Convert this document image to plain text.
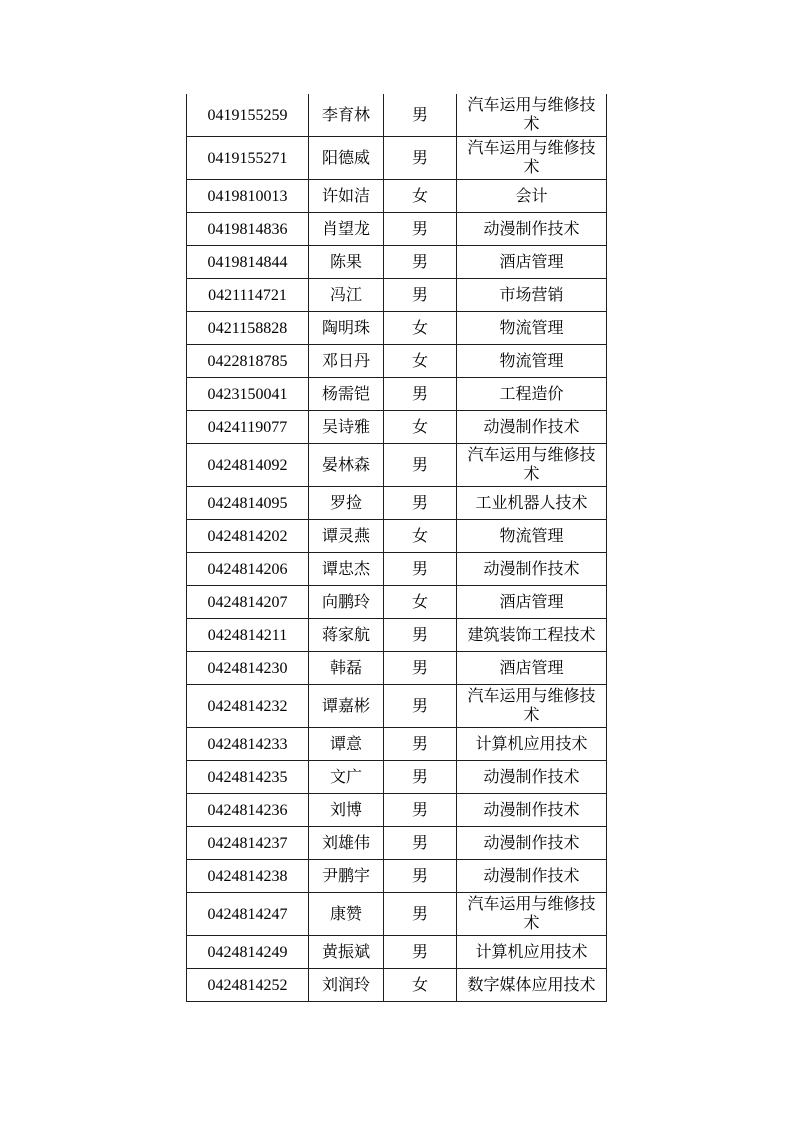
0419155259	李育林	男	汽车运用与维修技术
0419155271	阳德威	男	汽车运用与维修技术
0419810013	许如洁	女	会计
0419814836	肖望龙	男	动漫制作技术
0419814844	陈果	男	酒店管理
0421114721	冯江	男	市场营销
0421158828	陶明珠	女	物流管理
0422818785	邓日丹	女	物流管理
0423150041	杨需铠	男	工程造价
0424119077	吴诗雅	女	动漫制作技术
0424814092	晏林森	男	汽车运用与维修技术
0424814095	罗捡	男	工业机器人技术
0424814202	谭灵燕	女	物流管理
0424814206	谭忠杰	男	动漫制作技术
0424814207	向鹏玲	女	酒店管理
0424814211	蒋家航	男	建筑装饰工程技术
0424814230	韩磊	男	酒店管理
0424814232	谭嘉彬	男	汽车运用与维修技术
0424814233	谭意	男	计算机应用技术
0424814235	文广	男	动漫制作技术
0424814236	刘博	男	动漫制作技术
0424814237	刘雄伟	男	动漫制作技术
0424814238	尹鹏宇	男	动漫制作技术
0424814247	康赞	男	汽车运用与维修技术
0424814249	黄振斌	男	计算机应用技术
0424814252	刘润玲	女	数字媒体应用技术
